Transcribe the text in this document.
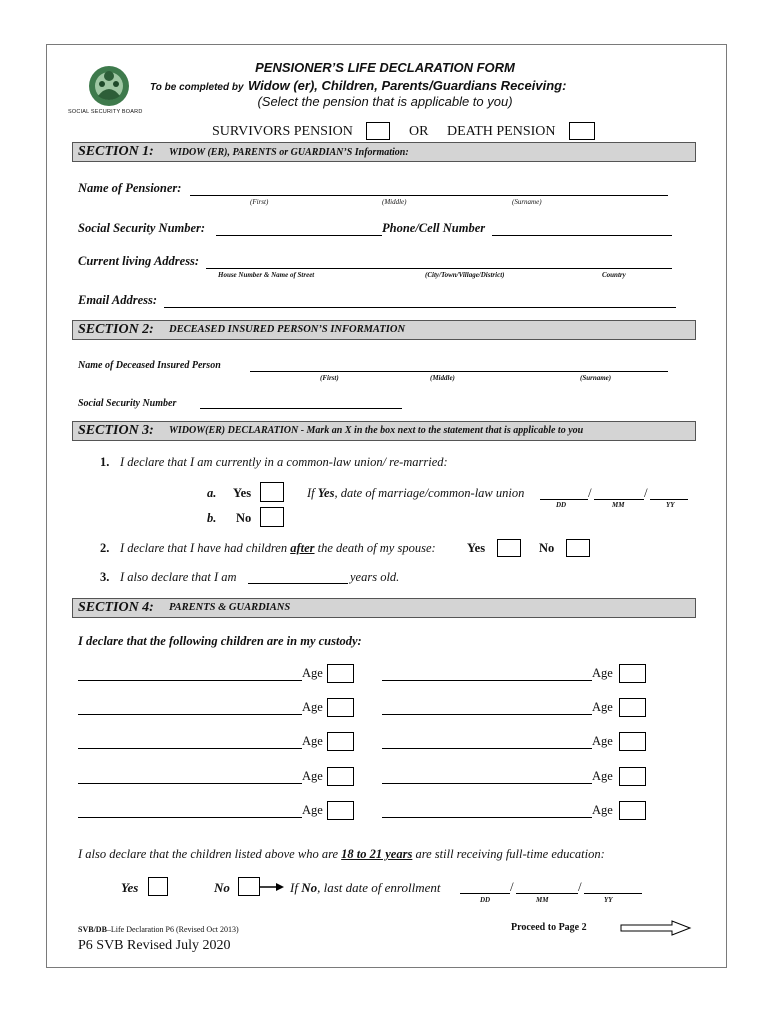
SOCIAL SECURITY BOARD
PENSIONER’S LIFE DECLARATION FORM
To be completed by Widow (er), Children, Parents/Guardians Receiving:
(Select the pension that is applicable to you)
SURVIVORS PENSION	OR DEATH PENSION
SECTION 1: WIDOW (ER), PARENTS or GUARDIAN’S Information:
Name of Pensioner:
(First)	(Middle)	(Surname)
Social Security Number:	Phone/Cell Number
Current living Address:
House Number & Name of Street	(City/Town/Village/District)	Country
Email Address:
SECTION 2: DECEASED INSURED PERSON’S INFORMATION
Name of Deceased Insured Person
(First)	(Middle)	(Surname)
Social Security Number
SECTION 3: WIDOW(ER) DECLARATION - Mark an X in the box next to the statement that is applicable to you
1. I declare that I am currently in a common-law union/ re-married:
a. Yes	If Yes, date of marriage/common-law union	/	/
DD	MM	YY
b. No
2. I declare that I have had children after the death of my spouse:	Yes	No
3. I also declare that I am	years old.
SECTION 4: PARENTS & GUARDIANS
I declare that the following children are in my custody:
Age	Age
Age	Age
Age	Age
Age	Age
Age	Age
I also declare that the children listed above who are 18 to 21 years are still receiving full-time education:
Yes	No	If No, last date of enrollment	/	/
DD	MM	YY
SVB/DB–Life Declaration P6 (Revised Oct 2013)	Proceed to Page 2
P6 SVB Revised July 2020
